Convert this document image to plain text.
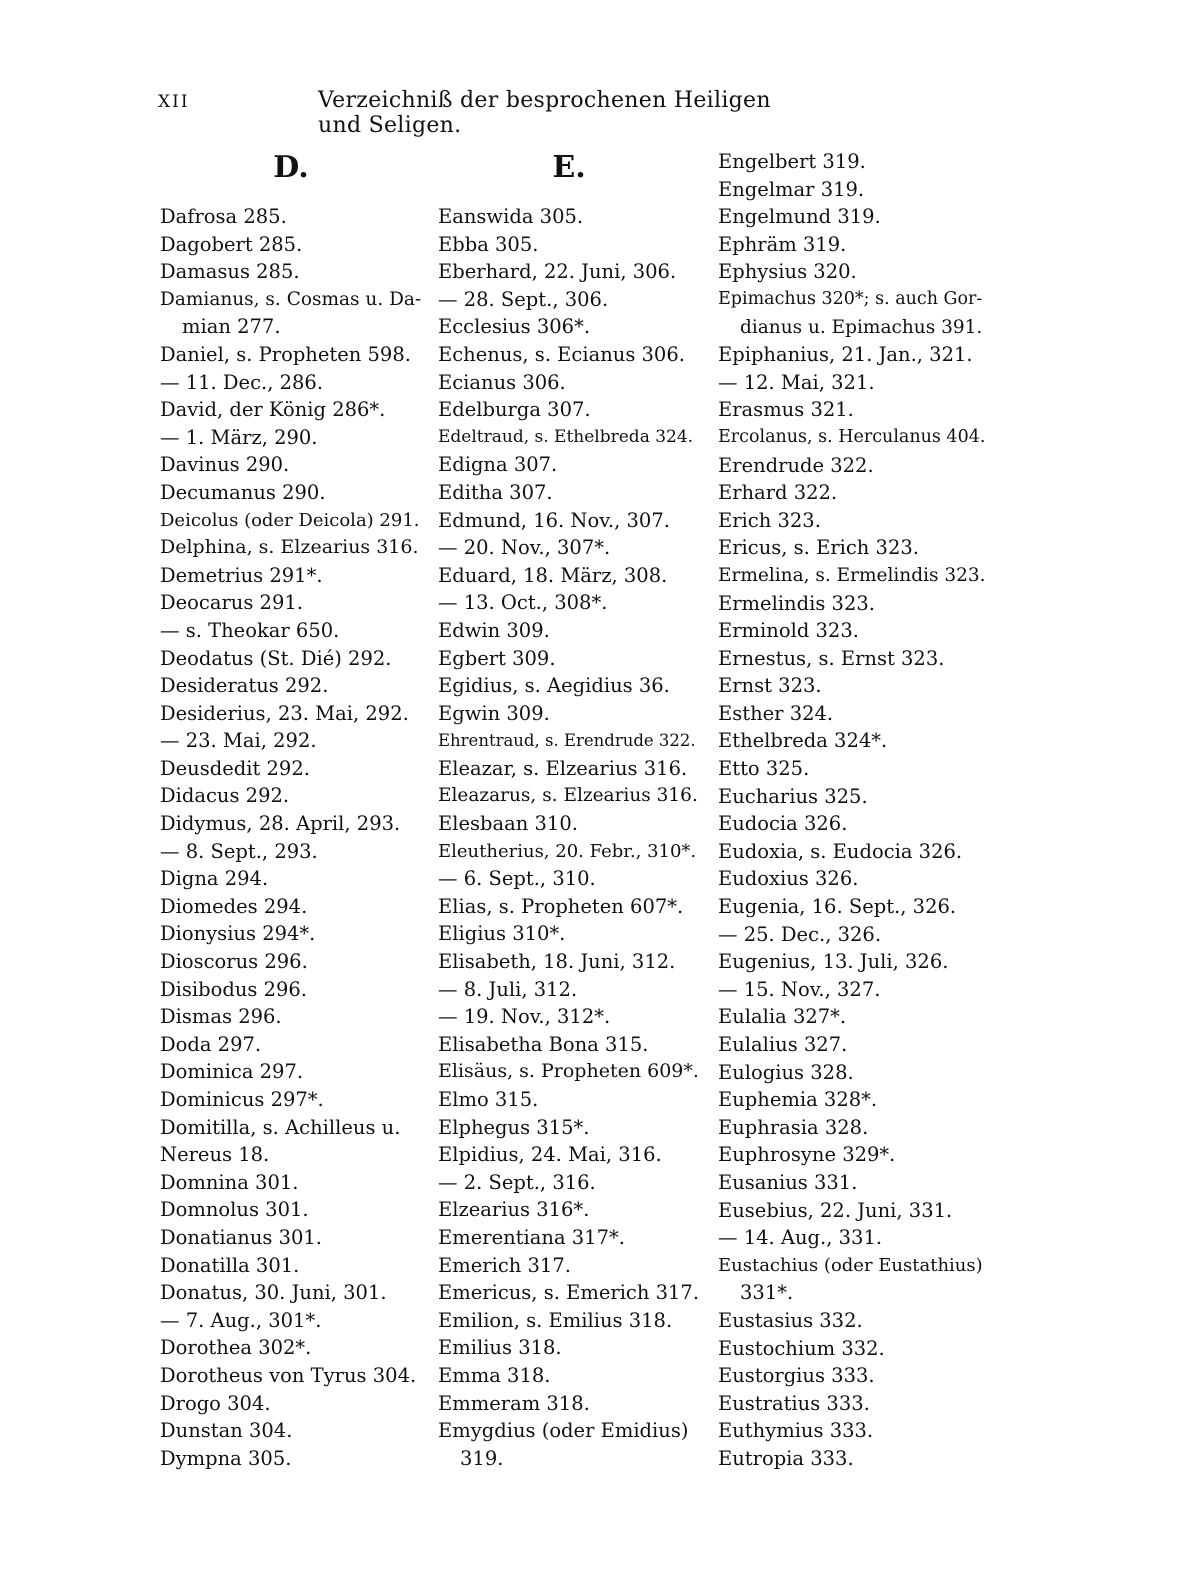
XII	Verzeichniß der besprochenen Heiligen und Seligen.
D.
Dafrosa 285.
Dagobert 285.
Damasus 285.
Damianus, s. Cosmas u. Da-
mian 277.
Daniel, s. Propheten 598.
— 11. Dec., 286.
David, der König 286*.
— 1. März, 290.
Davinus 290.
Decumanus 290.
Deicolus (oder Deicola) 291.
Delphina, s. Elzearius 316.
Demetrius 291*.
Deocarus 291.
— s. Theokar 650.
Deodatus (St. Dié) 292.
Desideratus 292.
Desiderius, 23. Mai, 292.
— 23. Mai, 292.
Deusdedit 292.
Didacus 292.
Didymus, 28. April, 293.
— 8. Sept., 293.
Digna 294.
Diomedes 294.
Dionysius 294*.
Dioscorus 296.
Disibodus 296.
Dismas 296.
Doda 297.
Dominica 297.
Dominicus 297*.
Domitilla, s. Achilleus u.
Nereus 18.
Domnina 301.
Domnolus 301.
Donatianus 301.
Donatilla 301.
Donatus, 30. Juni, 301.
— 7. Aug., 301*.
Dorothea 302*.
Dorotheus von Tyrus 304.
Drogo 304.
Dunstan 304.
Dympna 305.
E.
Eanswida 305.
Ebba 305.
Eberhard, 22. Juni, 306.
— 28. Sept., 306.
Ecclesius 306*.
Echenus, s. Ecianus 306.
Ecianus 306.
Edelburga 307.
Edeltraud, s. Ethelbreda 324.
Edigna 307.
Editha 307.
Edmund, 16. Nov., 307.
— 20. Nov., 307*.
Eduard, 18. März, 308.
— 13. Oct., 308*.
Edwin 309.
Egbert 309.
Egidius, s. Aegidius 36.
Egwin 309.
Ehrentraud, s. Erendrude 322.
Eleazar, s. Elzearius 316.
Eleazarus, s. Elzearius 316.
Elesbaan 310.
Eleutherius, 20. Febr., 310*.
— 6. Sept., 310.
Elias, s. Propheten 607*.
Eligius 310*.
Elisabeth, 18. Juni, 312.
— 8. Juli, 312.
— 19. Nov., 312*.
Elisabetha Bona 315.
Elisäus, s. Propheten 609*.
Elmo 315.
Elphegus 315*.
Elpidius, 24. Mai, 316.
— 2. Sept., 316.
Elzearius 316*.
Emerentiana 317*.
Emerich 317.
Emericus, s. Emerich 317.
Emilion, s. Emilius 318.
Emilius 318.
Emma 318.
Emmeram 318.
Emygdius (oder Emidius)
319.
Engelbert 319.
Engelmar 319.
Engelmund 319.
Ephräm 319.
Ephysius 320.
Epimachus 320*; s. auch Gor-
dianus u. Epimachus 391.
Epiphanius, 21. Jan., 321.
— 12. Mai, 321.
Erasmus 321.
Ercolanus, s. Herculanus 404.
Erendrude 322.
Erhard 322.
Erich 323.
Ericus, s. Erich 323.
Ermelina, s. Ermelindis 323.
Ermelindis 323.
Erminold 323.
Ernestus, s. Ernst 323.
Ernst 323.
Esther 324.
Ethelbreda 324*.
Etto 325.
Eucharius 325.
Eudocia 326.
Eudoxia, s. Eudocia 326.
Eudoxius 326.
Eugenia, 16. Sept., 326.
— 25. Dec., 326.
Eugenius, 13. Juli, 326.
— 15. Nov., 327.
Eulalia 327*.
Eulalius 327.
Eulogius 328.
Euphemia 328*.
Euphrasia 328.
Euphrosyne 329*.
Eusanius 331.
Eusebius, 22. Juni, 331.
— 14. Aug., 331.
Eustachius (oder Eustathius)
331*.
Eustasius 332.
Eustochium 332.
Eustorgius 333.
Eustratius 333.
Euthymius 333.
Eutropia 333.
